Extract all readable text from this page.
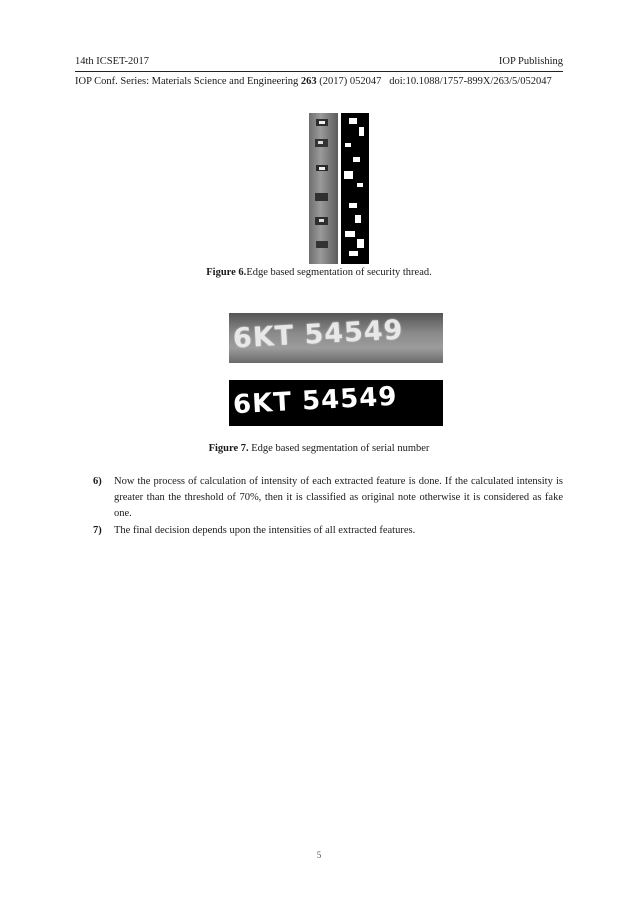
14th ICSET-2017	IOP Publishing
IOP Conf. Series: Materials Science and Engineering 263 (2017) 052047 doi:10.1088/1757-899X/263/5/052047
Figure 6.Edge based segmentation of security thread.
6KT 54549
6KT 54549
Figure 7. Edge based segmentation of serial number
6)	Now the process of calculation of intensity of each extracted feature is done. If the calculated intensity is greater than the threshold of 70%, then it is classified as original note otherwise it is considered as fake one.
7)	The final decision depends upon the intensities of all extracted features.
5
